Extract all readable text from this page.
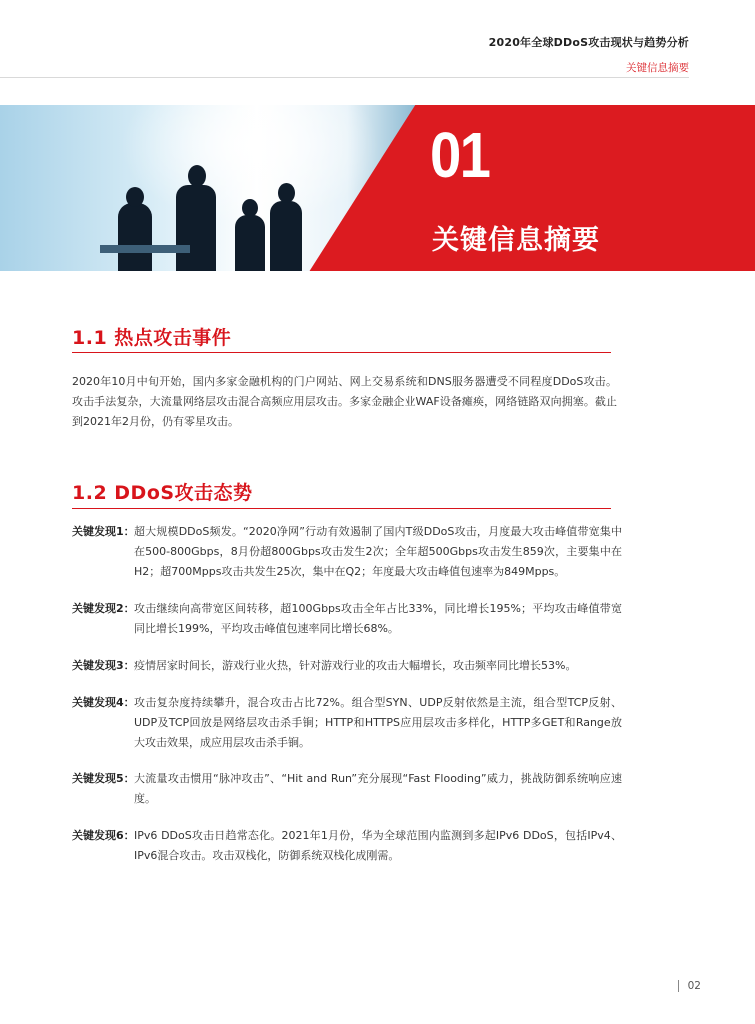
2020年全球DDoS攻击现状与趋势分析
关键信息摘要
01
关键信息摘要
1.1 热点攻击事件
2020年10月中旬开始，国内多家金融机构的门户网站、网上交易系统和DNS服务器遭受不同程度DDoS攻击。攻击手法复杂，大流量网络层攻击混合高频应用层攻击。多家金融企业WAF设备瘫痪，网络链路双向拥塞。截止到2021年2月份，仍有零星攻击。
1.2 DDoS攻击态势
关键发现1： 超大规模DDoS频发。“2020净网”行动有效遏制了国内T级DDoS攻击，月度最大攻击峰值带宽集中在500-800Gbps，8月份超800Gbps攻击发生2次；全年超500Gbps攻击发生859次，主要集中在H2；超700Mpps攻击共发生25次，集中在Q2；年度最大攻击峰值包速率为849Mpps。
关键发现2： 攻击继续向高带宽区间转移，超100Gbps攻击全年占比33%，同比增长195%；平均攻击峰值带宽同比增长199%，平均攻击峰值包速率同比增长68%。
关键发现3： 疫情居家时间长，游戏行业火热，针对游戏行业的攻击大幅增长，攻击频率同比增长53%。
关键发现4： 攻击复杂度持续攀升，混合攻击占比72%。组合型SYN、UDP反射依然是主流，组合型TCP反射、UDP及TCP回放是网络层攻击杀手锏；HTTP和HTTPS应用层攻击多样化，HTTP多GET和Range放大攻击效果，成应用层攻击杀手锏。
关键发现5： 大流量攻击惯用“脉冲攻击”、“Hit and Run”充分展现“Fast Flooding”威力，挑战防御系统响应速度。
关键发现6： IPv6 DDoS攻击日趋常态化。2021年1月份，华为全球范围内监测到多起IPv6 DDoS，包括IPv4、IPv6混合攻击。攻击双栈化，防御系统双栈化成刚需。
02
